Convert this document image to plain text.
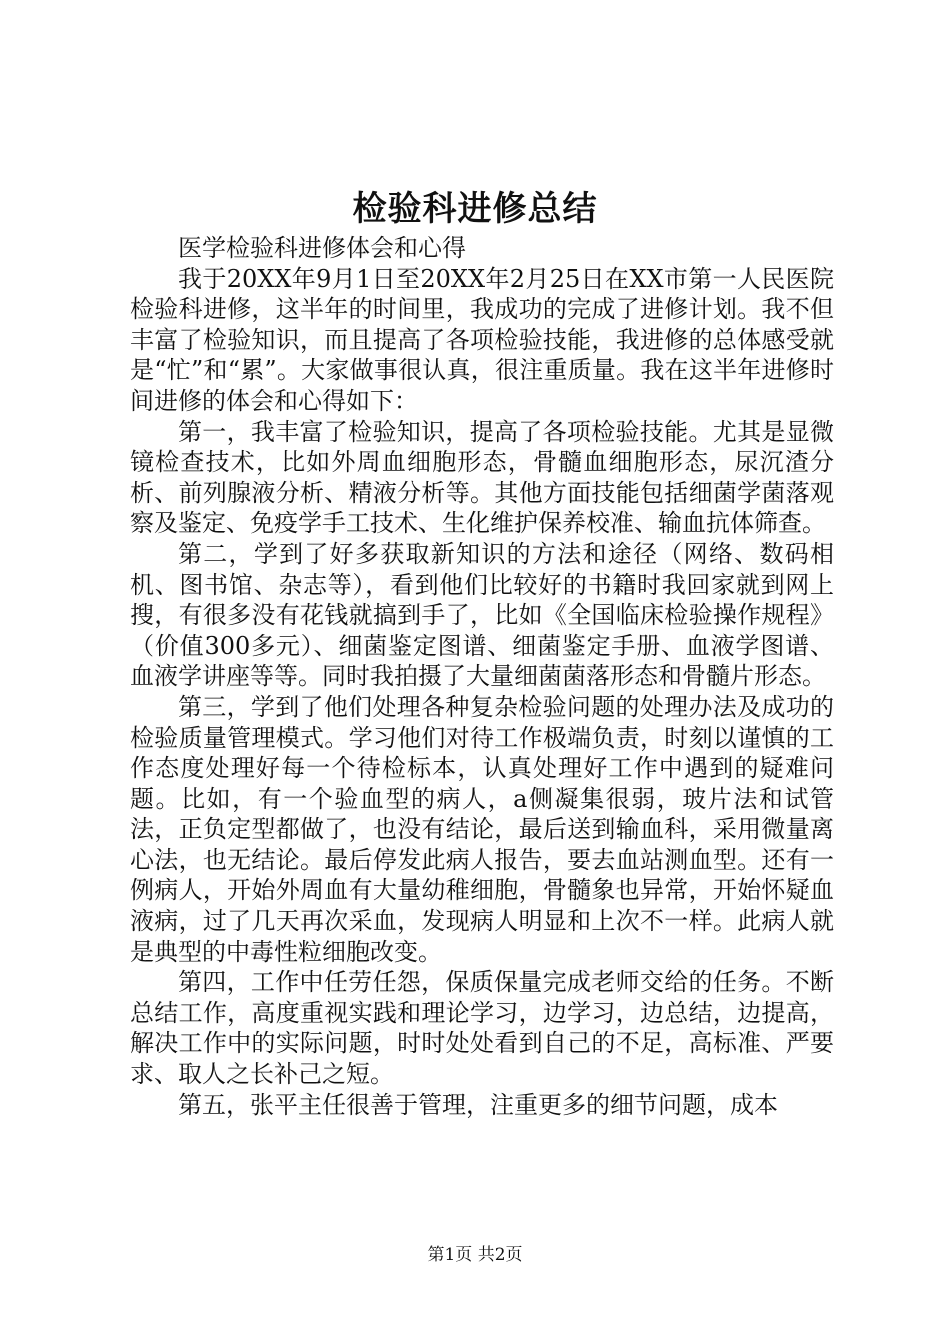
检验科进修总结

医学检验科进修体会和心得

我于20XX年9月1日至20XX年2月25日在XX市第一人民医院检验科进修，这半年的时间里，我成功的完成了进修计划。我不但丰富了检验知识，而且提高了各项检验技能，我进修的总体感受就是“忙”和“累”。大家做事很认真，很注重质量。我在这半年进修时间进修的体会和心得如下：

第一，我丰富了检验知识，提高了各项检验技能。尤其是显微镜检查技术，比如外周血细胞形态，骨髓血细胞形态，尿沉渣分析、前列腺液分析、精液分析等。其他方面技能包括细菌学菌落观察及鉴定、免疫学手工技术、生化维护保养校准、输血抗体筛查。

第二，学到了好多获取新知识的方法和途径（网络、数码相机、图书馆、杂志等），看到他们比较好的书籍时我回家就到网上搜，有很多没有花钱就搞到手了，比如《全国临床检验操作规程》（价值300多元）、细菌鉴定图谱、细菌鉴定手册、血液学图谱、血液学讲座等等。同时我拍摄了大量细菌菌落形态和骨髓片形态。

第三，学到了他们处理各种复杂检验问题的处理办法及成功的检验质量管理模式。学习他们对待工作极端负责，时刻以谨慎的工作态度处理好每一个待检标本，认真处理好工作中遇到的疑难问题。比如，有一个验血型的病人，a侧凝集很弱，玻片法和试管法，正负定型都做了，也没有结论，最后送到输血科，采用微量离心法，也无结论。最后停发此病人报告，要去血站测血型。还有一例病人，开始外周血有大量幼稚细胞，骨髓象也异常，开始怀疑血液病，过了几天再次采血，发现病人明显和上次不一样。此病人就是典型的中毒性粒细胞改变。

第四，工作中任劳任怨，保质保量完成老师交给的任务。不断总结工作，高度重视实践和理论学习，边学习，边总结，边提高，解决工作中的实际问题，时时处处看到自己的不足，高标准、严要求、取人之长补己之短。

第五，张平主任很善于管理，注重更多的细节问题，成本

第1页 共2页
